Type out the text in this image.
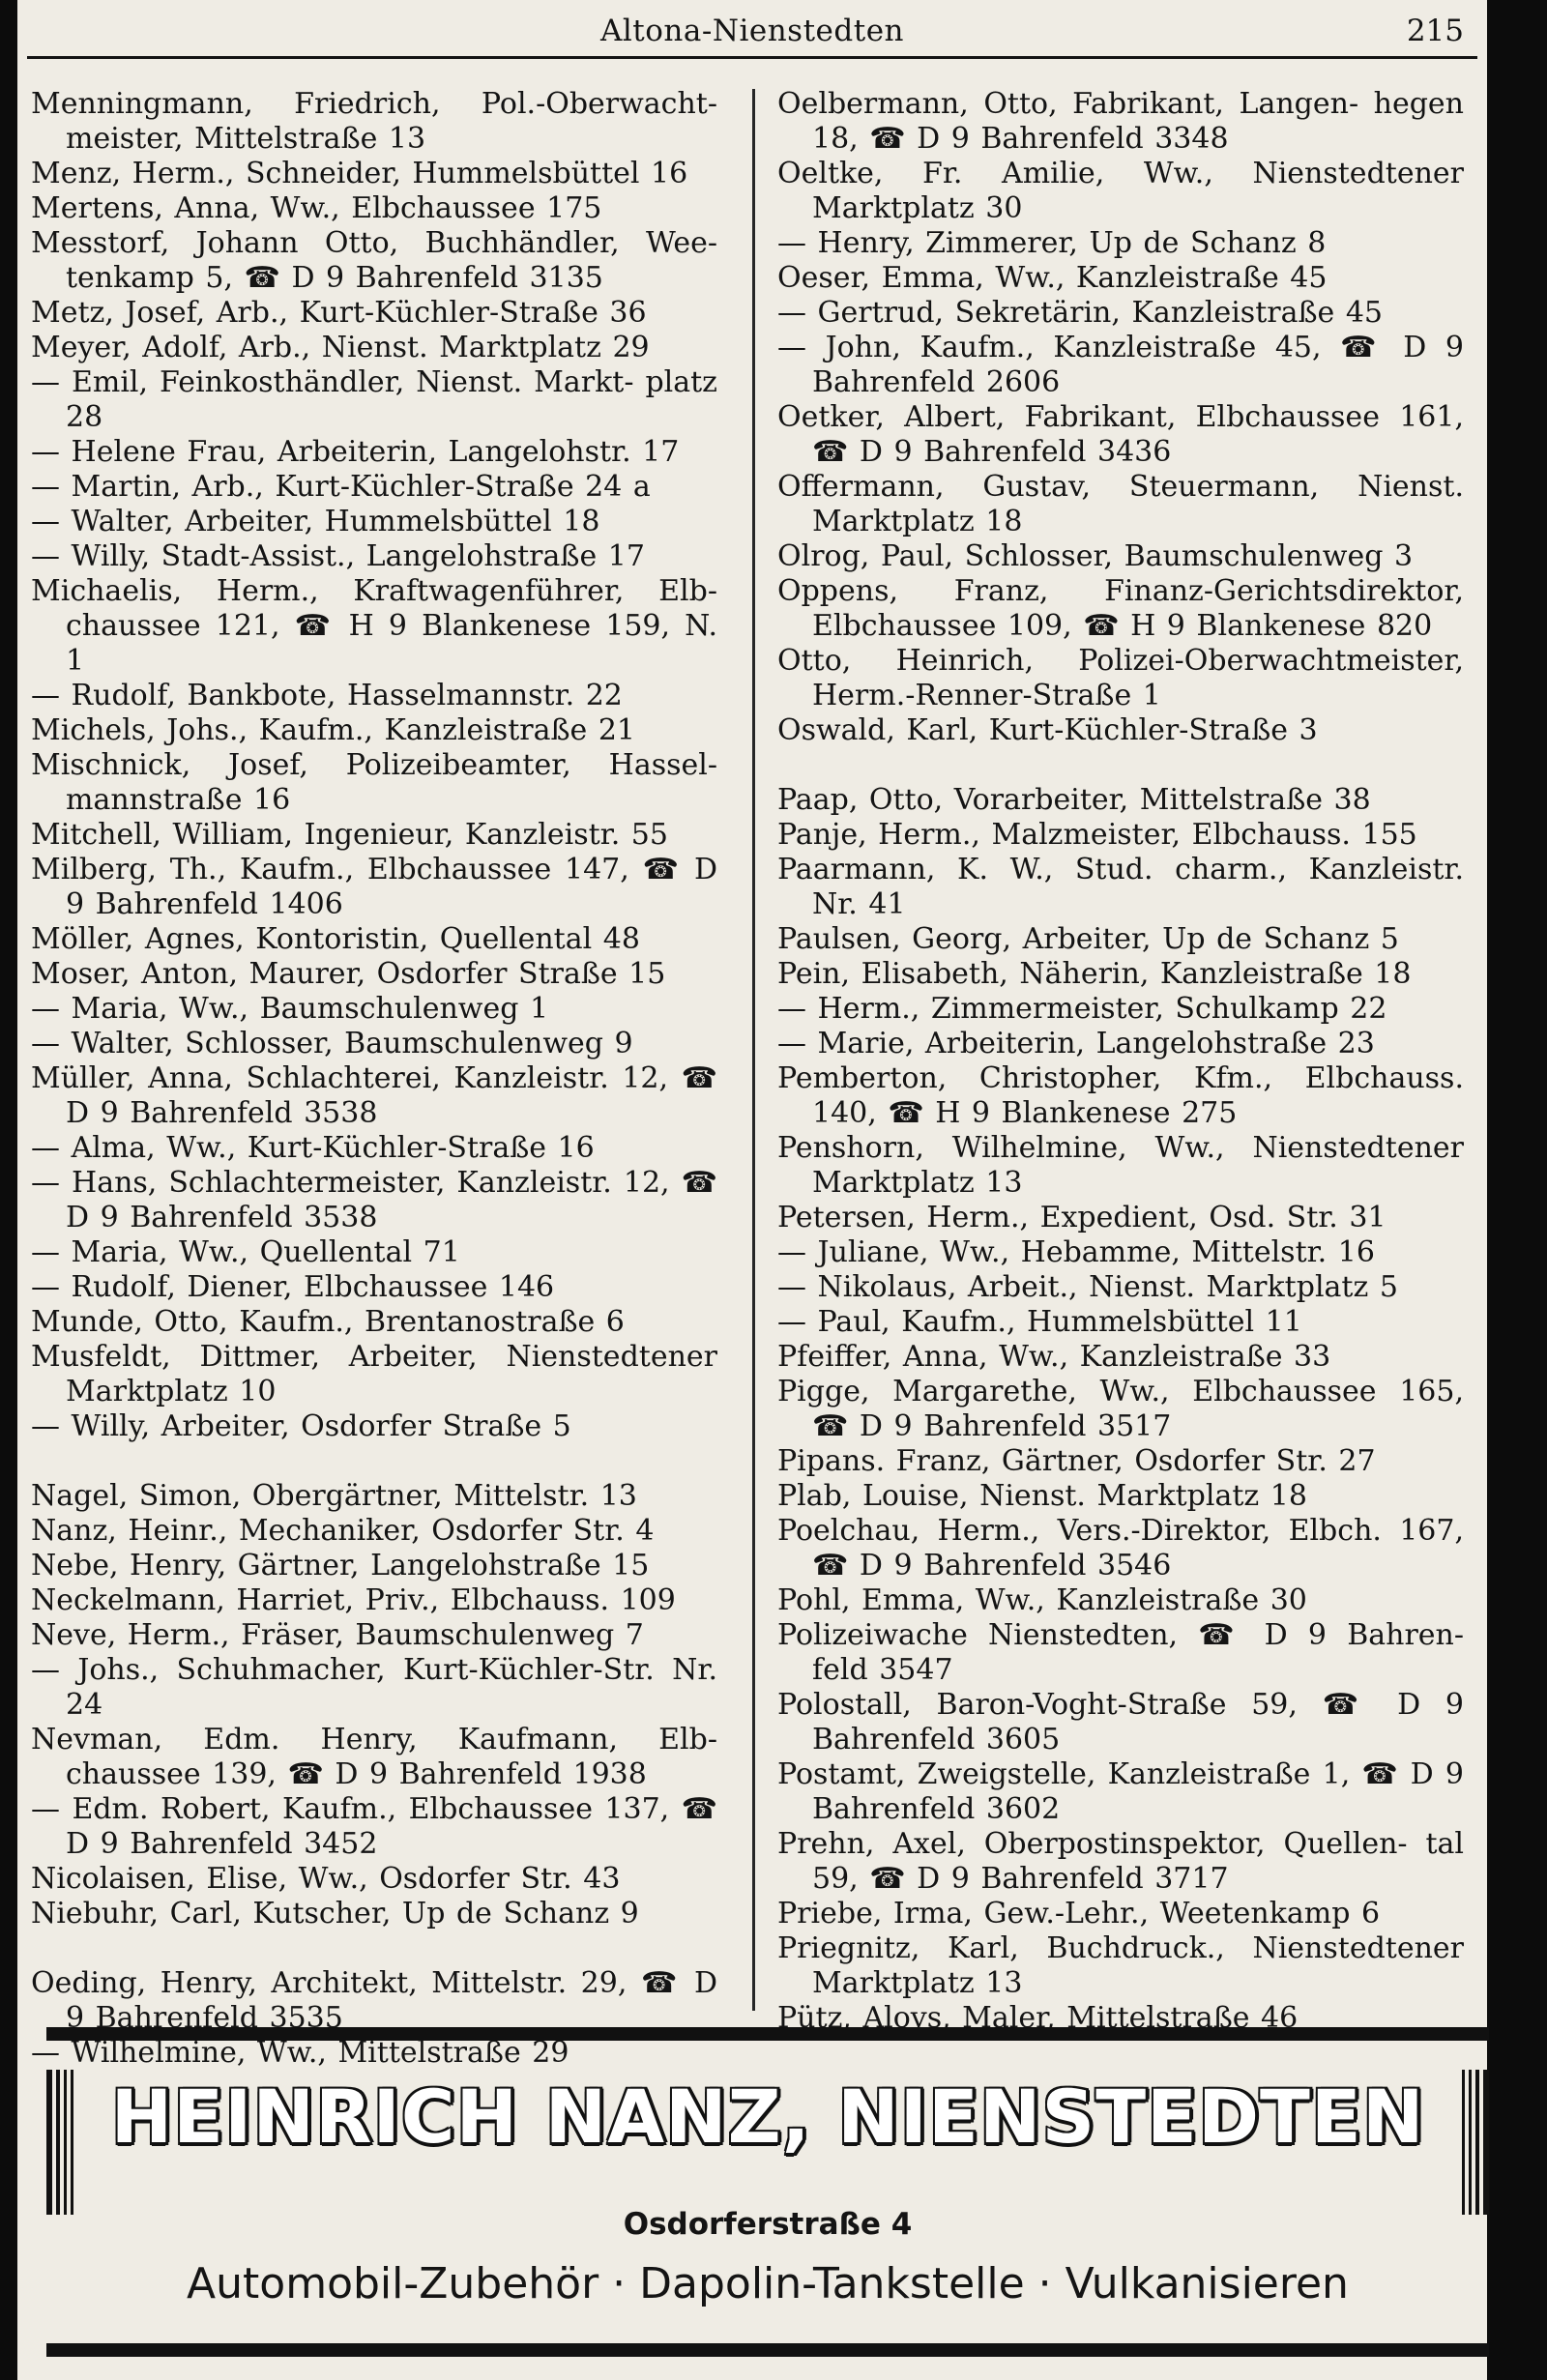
Altona-Nienstedten	215
Menningmann, Friedrich, Pol.-Oberwacht- meister, Mittelstraße 13
Menz, Herm., Schneider, Hummelsbüttel 16
Mertens, Anna, Ww., Elbchaussee 175
Messtorf, Johann Otto, Buchhändler, Wee- tenkamp 5, ☎ D 9 Bahrenfeld 3135
Metz, Josef, Arb., Kurt-Küchler-Straße 36
Meyer, Adolf, Arb., Nienst. Marktplatz 29
— Emil, Feinkosthändler, Nienst. Markt- platz 28
— Helene Frau, Arbeiterin, Langelohstr. 17
— Martin, Arb., Kurt-Küchler-Straße 24 a
— Walter, Arbeiter, Hummelsbüttel 18
— Willy, Stadt-Assist., Langelohstraße 17
Michaelis, Herm., Kraftwagenführer, Elb- chaussee 121, ☎ H 9 Blankenese 159, N. 1
— Rudolf, Bankbote, Hasselmannstr. 22
Michels, Johs., Kaufm., Kanzleistraße 21
Mischnick, Josef, Polizeibeamter, Hassel- mannstraße 16
Mitchell, William, Ingenieur, Kanzleistr. 55
Milberg, Th., Kaufm., Elbchaussee 147, ☎ D 9 Bahrenfeld 1406
Möller, Agnes, Kontoristin, Quellental 48
Moser, Anton, Maurer, Osdorfer Straße 15
— Maria, Ww., Baumschulenweg 1
— Walter, Schlosser, Baumschulenweg 9
Müller, Anna, Schlachterei, Kanzleistr. 12, ☎ D 9 Bahrenfeld 3538
— Alma, Ww., Kurt-Küchler-Straße 16
— Hans, Schlachtermeister, Kanzleistr. 12, ☎ D 9 Bahrenfeld 3538
— Maria, Ww., Quellental 71
— Rudolf, Diener, Elbchaussee 146
Munde, Otto, Kaufm., Brentanostraße 6
Musfeldt, Dittmer, Arbeiter, Nienstedtener Marktplatz 10
— Willy, Arbeiter, Osdorfer Straße 5
Nagel, Simon, Obergärtner, Mittelstr. 13
Nanz, Heinr., Mechaniker, Osdorfer Str. 4
Nebe, Henry, Gärtner, Langelohstraße 15
Neckelmann, Harriet, Priv., Elbchauss. 109
Neve, Herm., Fräser, Baumschulenweg 7
— Johs., Schuhmacher, Kurt-Küchler-Str. Nr. 24
Nevman, Edm. Henry, Kaufmann, Elb- chaussee 139, ☎ D 9 Bahrenfeld 1938
— Edm. Robert, Kaufm., Elbchaussee 137, ☎ D 9 Bahrenfeld 3452
Nicolaisen, Elise, Ww., Osdorfer Str. 43
Niebuhr, Carl, Kutscher, Up de Schanz 9
Oeding, Henry, Architekt, Mittelstr. 29, ☎ D 9 Bahrenfeld 3535
— Wilhelmine, Ww., Mittelstraße 29
Oelbermann, Otto, Fabrikant, Langen- hegen 18, ☎ D 9 Bahrenfeld 3348
Oeltke, Fr. Amilie, Ww., Nienstedtener Marktplatz 30
— Henry, Zimmerer, Up de Schanz 8
Oeser, Emma, Ww., Kanzleistraße 45
— Gertrud, Sekretärin, Kanzleistraße 45
— John, Kaufm., Kanzleistraße 45, ☎ D 9 Bahrenfeld 2606
Oetker, Albert, Fabrikant, Elbchaussee 161, ☎ D 9 Bahrenfeld 3436
Offermann, Gustav, Steuermann, Nienst. Marktplatz 18
Olrog, Paul, Schlosser, Baumschulenweg 3
Oppens, Franz, Finanz-Gerichtsdirektor, Elbchaussee 109, ☎ H 9 Blankenese 820
Otto, Heinrich, Polizei-Oberwachtmeister, Herm.-Renner-Straße 1
Oswald, Karl, Kurt-Küchler-Straße 3
Paap, Otto, Vorarbeiter, Mittelstraße 38
Panje, Herm., Malzmeister, Elbchauss. 155
Paarmann, K. W., Stud. charm., Kanzleistr. Nr. 41
Paulsen, Georg, Arbeiter, Up de Schanz 5
Pein, Elisabeth, Näherin, Kanzleistraße 18
— Herm., Zimmermeister, Schulkamp 22
— Marie, Arbeiterin, Langelohstraße 23
Pemberton, Christopher, Kfm., Elbchauss. 140, ☎ H 9 Blankenese 275
Penshorn, Wilhelmine, Ww., Nienstedtener Marktplatz 13
Petersen, Herm., Expedient, Osd. Str. 31
— Juliane, Ww., Hebamme, Mittelstr. 16
— Nikolaus, Arbeit., Nienst. Marktplatz 5
— Paul, Kaufm., Hummelsbüttel 11
Pfeiffer, Anna, Ww., Kanzleistraße 33
Pigge, Margarethe, Ww., Elbchaussee 165, ☎ D 9 Bahrenfeld 3517
Pipans. Franz, Gärtner, Osdorfer Str. 27
Plab, Louise, Nienst. Marktplatz 18
Poelchau, Herm., Vers.-Direktor, Elbch. 167, ☎ D 9 Bahrenfeld 3546
Pohl, Emma, Ww., Kanzleistraße 30
Polizeiwache Nienstedten, ☎ D 9 Bahren- feld 3547
Polostall, Baron-Voght-Straße 59, ☎ D 9 Bahrenfeld 3605
Postamt, Zweigstelle, Kanzleistraße 1, ☎ D 9 Bahrenfeld 3602
Prehn, Axel, Oberpostinspektor, Quellen- tal 59, ☎ D 9 Bahrenfeld 3717
Priebe, Irma, Gew.-Lehr., Weetenkamp 6
Priegnitz, Karl, Buchdruck., Nienstedtener Marktplatz 13
Pütz, Aloys, Maler, Mittelstraße 46
HEINRICH NANZ, NIENSTEDTEN
Osdorferstraße 4
Automobil-Zubehör · Dapolin-Tankstelle · Vulkanisieren
